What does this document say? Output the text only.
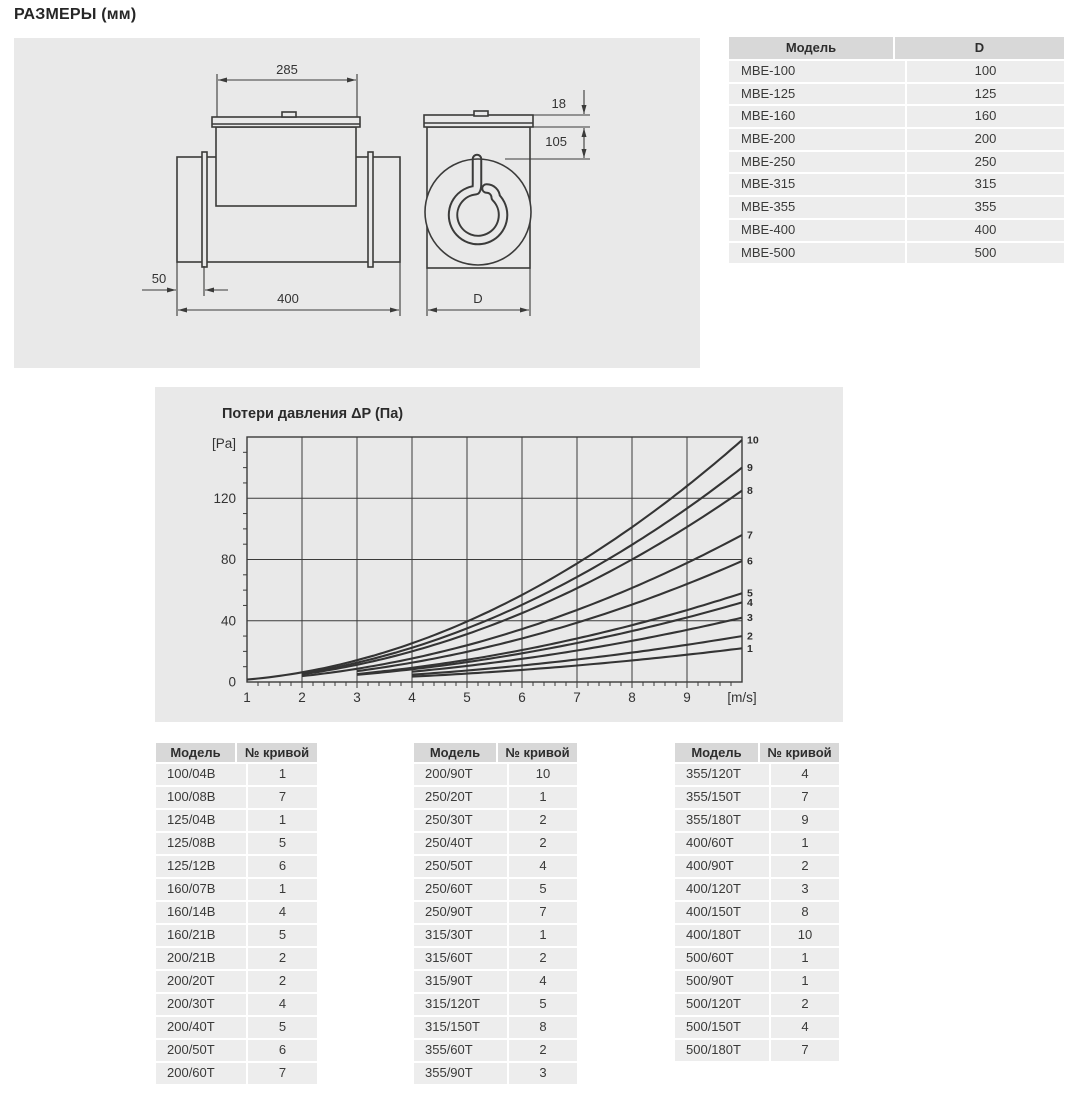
РАЗМЕРЫ (мм)
285
18
105
50
400	D
Модель	D
MBE-100	100
MBE-125	125
MBE-160	160
MBE-200	200
MBE-250	250
MBE-315	315
MBE-355	355
MBE-400	400
MBE-500	500
Потери давления ΔP (Па)
1
2
3
4
5
6
7
8
9
10
1	2	3	4	5	6	7	8	9	[m/s]
0
40
80
120
[Pa]
Модель	№ кривой
100/04B	1
100/08B	7
125/04B	1
125/08B	5
125/12B	6
160/07B	1
160/14B	4
160/21B	5
200/21B	2
200/20T	2
200/30T	4
200/40T	5
200/50T	6
200/60T	7
Модель	№ кривой
200/90T	10
250/20T	1
250/30T	2
250/40T	2
250/50T	4
250/60T	5
250/90T	7
315/30T	1
315/60T	2
315/90T	4
315/120T	5
315/150T	8
355/60T	2
355/90T	3
Модель	№ кривой
355/120T	4
355/150T	7
355/180T	9
400/60T	1
400/90T	2
400/120T	3
400/150T	8
400/180T	10
500/60T	1
500/90T	1
500/120T	2
500/150T	4
500/180T	7
